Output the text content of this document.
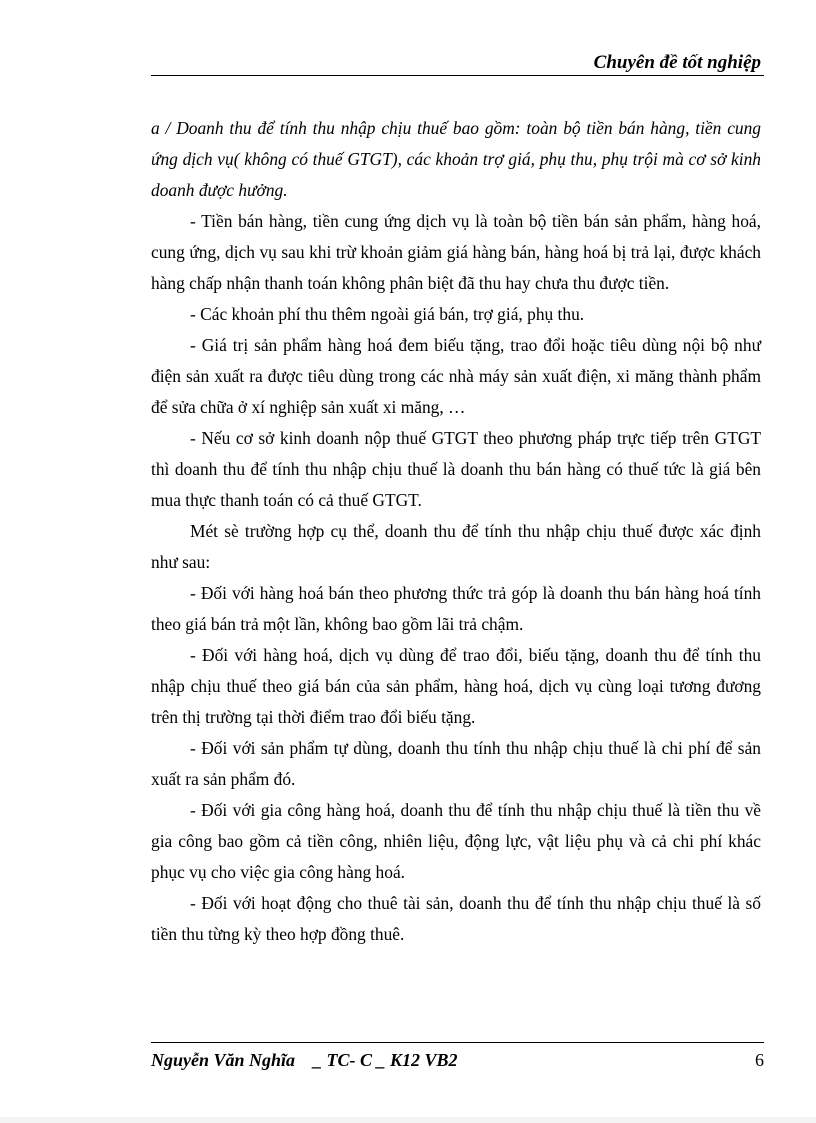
Chuyên đề tốt nghiệp

a / Doanh thu để tính thu nhập chịu thuế bao gồm: toàn bộ tiền bán hàng, tiền cung ứng dịch vụ( không có thuế GTGT), các khoản trợ giá, phụ thu, phụ trội mà cơ sở kinh doanh được hưởng.

- Tiền bán hàng, tiền cung ứng dịch vụ là toàn bộ tiền bán sản phẩm, hàng hoá, cung ứng, dịch vụ sau khi trừ khoản giảm giá hàng bán, hàng hoá bị trả lại, được khách hàng chấp nhận thanh toán không phân biệt đã thu hay chưa thu được tiền.

- Các khoản phí thu thêm ngoài giá bán, trợ giá, phụ thu.

- Giá trị sản phẩm hàng hoá đem biếu tặng, trao đổi hoặc tiêu dùng nội bộ như điện sản xuất ra được tiêu dùng trong các nhà máy sản xuất điện, xi măng thành phẩm để sửa chữa ở xí nghiệp sản xuất xi măng, …

- Nếu cơ sở kinh doanh nộp thuế GTGT theo phương pháp trực tiếp trên GTGT thì doanh thu để tính thu nhập chịu thuế là doanh thu bán hàng có thuế tức là giá bên mua thực thanh toán có cả thuế GTGT.

Mét sè trường hợp cụ thể, doanh thu để tính thu nhập chịu thuế được xác định như sau:

- Đối với hàng hoá bán theo phương thức trả góp là doanh thu bán hàng hoá tính theo giá bán trả một lần, không bao gồm lãi trả chậm.

- Đối với hàng hoá, dịch vụ dùng để trao đổi, biếu tặng, doanh thu để tính thu nhập chịu thuế theo giá bán của sản phẩm, hàng hoá, dịch vụ cùng loại tương đương trên thị trường tại thời điểm trao đổi biếu tặng.

- Đối với sản phẩm tự dùng, doanh thu tính thu nhập chịu thuế là chi phí để sản xuất ra sản phẩm đó.

- Đối với gia công hàng hoá, doanh thu để tính thu nhập chịu thuế là tiền thu về gia công bao gồm cả tiền công, nhiên liệu, động lực, vật liệu phụ và cả chi phí khác phục vụ cho việc gia công hàng hoá.

- Đối với hoạt động cho thuê tài sản, doanh thu để tính thu nhập chịu thuế là số tiền thu từng kỳ theo hợp đồng thuê.

Nguyễn Văn Nghĩa    _ TC- C _ K12 VB2	6
